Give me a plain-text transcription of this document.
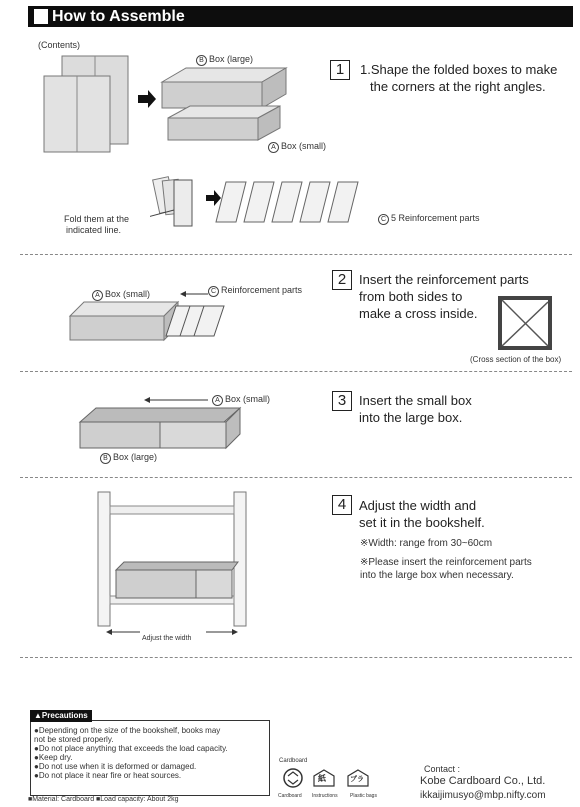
How to Assemble
(Contents)
B Box (large)
A Box (small)
1	1.Shape the folded boxes to make
the corners at the right angles.
Fold them at the
indicated line.
C 5 Reinforcement parts
A Box (small)	C Reinforcement parts
2 Insert the reinforcement parts
from both sides to
make a cross inside.
(Cross section of the box)
A Box (small)
B Box (large)
3 Insert the small box
into the large box.
Adjust the width
4 Adjust the width and
set it in the bookshelf.
※Width: range from 30~60cm
※Please insert the reinforcement parts
into the large box when necessary.
▲Precautions
●Depending on the size of the bookshelf, books may
not be stored properly.
●Do not place anything that exceeds the load capacity.
●Keep dry.
●Do not use when it is deformed or damaged.
●Do not place it near fire or heat sources.
■Material: Cardboard ■Load capacity: About 2kg
Cardboard
紙	プラ
Cardboard Instructions Plastic bags
Contact :
Kobe Cardboard Co., Ltd.
ikkaijimusyo@mbp.nifty.com
